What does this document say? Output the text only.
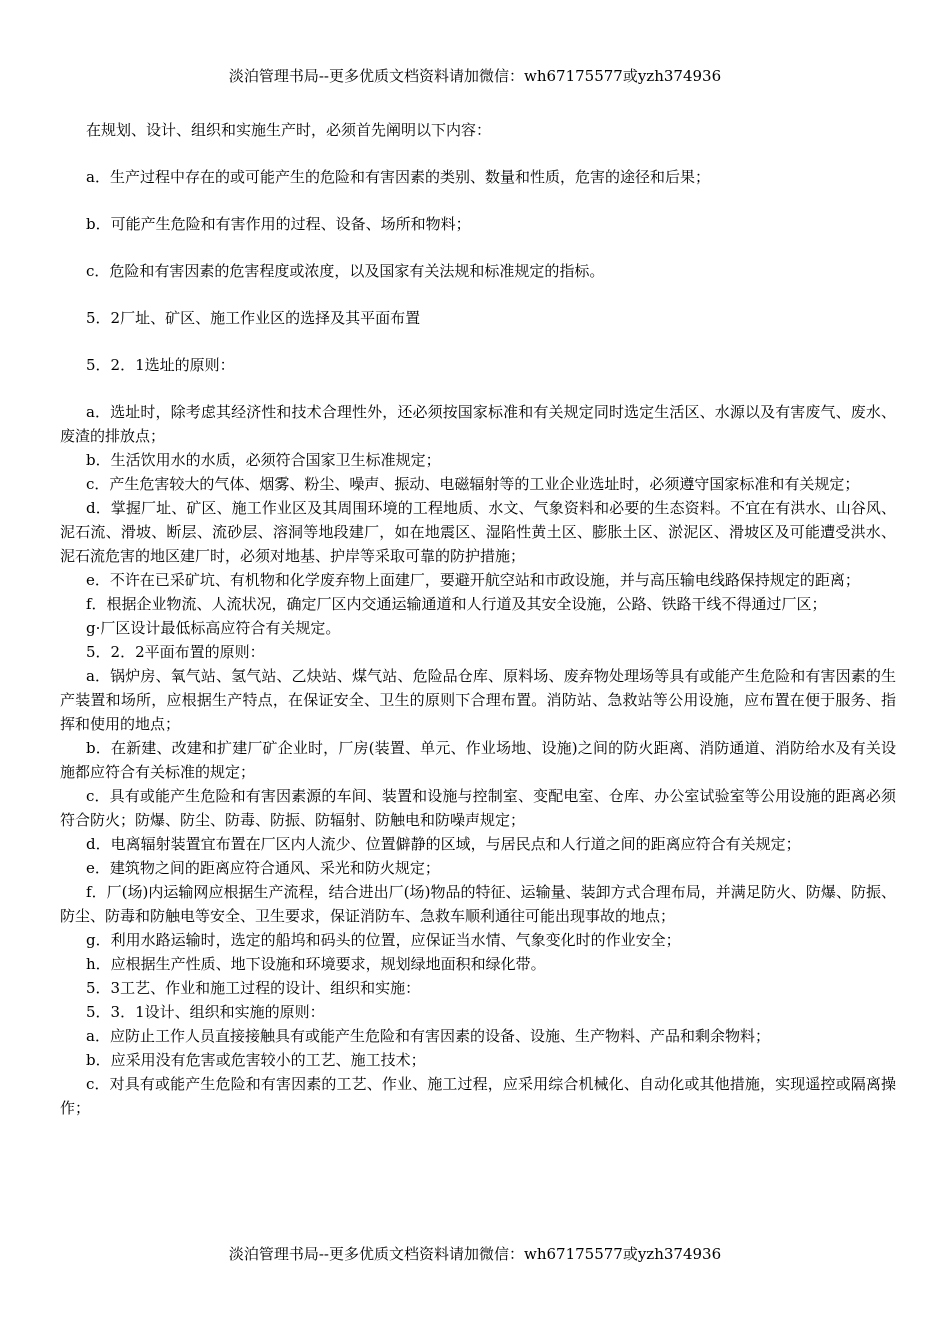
淡泊管理书局--更多优质文档资料请加微信：wh67175577或yzh374936

在规划、设计、组织和实施生产时，必须首先阐明以下内容：

a．生产过程中存在的或可能产生的危险和有害因素的类别、数量和性质，危害的途径和后果；

b．可能产生危险和有害作用的过程、设备、场所和物料；

c．危险和有害因素的危害程度或浓度，以及国家有关法规和标准规定的指标。

5．2厂址、矿区、施工作业区的选择及其平面布置

5．2．1选址的原则：

a．选址时，除考虑其经济性和技术合理性外，还必须按国家标准和有关规定同时选定生活区、水源以及有害废气、废水、废渣的排放点；

b．生活饮用水的水质，必须符合国家卫生标准规定；

c．产生危害较大的气体、烟雾、粉尘、噪声、振动、电磁辐射等的工业企业选址时，必须遵守国家标准和有关规定；

d．掌握厂址、矿区、施工作业区及其周围环境的工程地质、水文、气象资料和必要的生态资料。不宜在有洪水、山谷风、泥石流、滑坡、断层、流砂层、溶洞等地段建厂，如在地震区、湿陷性黄土区、膨胀土区、淤泥区、滑坡区及可能遭受洪水、泥石流危害的地区建厂时，必须对地基、护岸等采取可靠的防护措施；

e．不许在已采矿坑、有机物和化学废弃物上面建厂，要避开航空站和市政设施，并与高压输电线路保持规定的距离；

f．根据企业物流、人流状况，确定厂区内交通运输通道和人行道及其安全设施，公路、铁路干线不得通过厂区；

g·厂区设计最低标高应符合有关规定。

5．2．2平面布置的原则：

a．锅炉房、氧气站、氢气站、乙炔站、煤气站、危险品仓库、原料场、废弃物处理场等具有或能产生危险和有害因素的生产装置和场所，应根据生产特点，在保证安全、卫生的原则下合理布置。消防站、急救站等公用设施，应布置在便于服务、指挥和使用的地点；

b．在新建、改建和扩建厂矿企业时，厂房(装置、单元、作业场地、设施)之间的防火距离、消防通道、消防给水及有关设施都应符合有关标准的规定；

c．具有或能产生危险和有害因素源的车间、装置和设施与控制室、变配电室、仓库、办公室试验室等公用设施的距离必须符合防火；防爆、防尘、防毒、防振、防辐射、防触电和防噪声规定；

d．电离辐射装置宜布置在厂区内人流少、位置僻静的区域，与居民点和人行道之间的距离应符合有关规定；

e．建筑物之间的距离应符合通风、采光和防火规定；

f．厂(场)内运输网应根据生产流程，结合进出厂(场)物品的特征、运输量、装卸方式合理布局，并满足防火、防爆、防振、防尘、防毒和防触电等安全、卫生要求，保证消防车、急救车顺利通往可能出现事故的地点；

g．利用水路运输时，选定的船坞和码头的位置，应保证当水情、气象变化时的作业安全；

h．应根据生产性质、地下设施和环境要求，规划绿地面积和绿化带。

5．3工艺、作业和施工过程的设计、组织和实施：

5．3．1设计、组织和实施的原则：

a．应防止工作人员直接接触具有或能产生危险和有害因素的设备、设施、生产物料、产品和剩余物料；

b．应采用没有危害或危害较小的工艺、施工技术；

c．对具有或能产生危险和有害因素的工艺、作业、施工过程，应采用综合机械化、自动化或其他措施，实现遥控或隔离操作；

淡泊管理书局--更多优质文档资料请加微信：wh67175577或yzh374936
